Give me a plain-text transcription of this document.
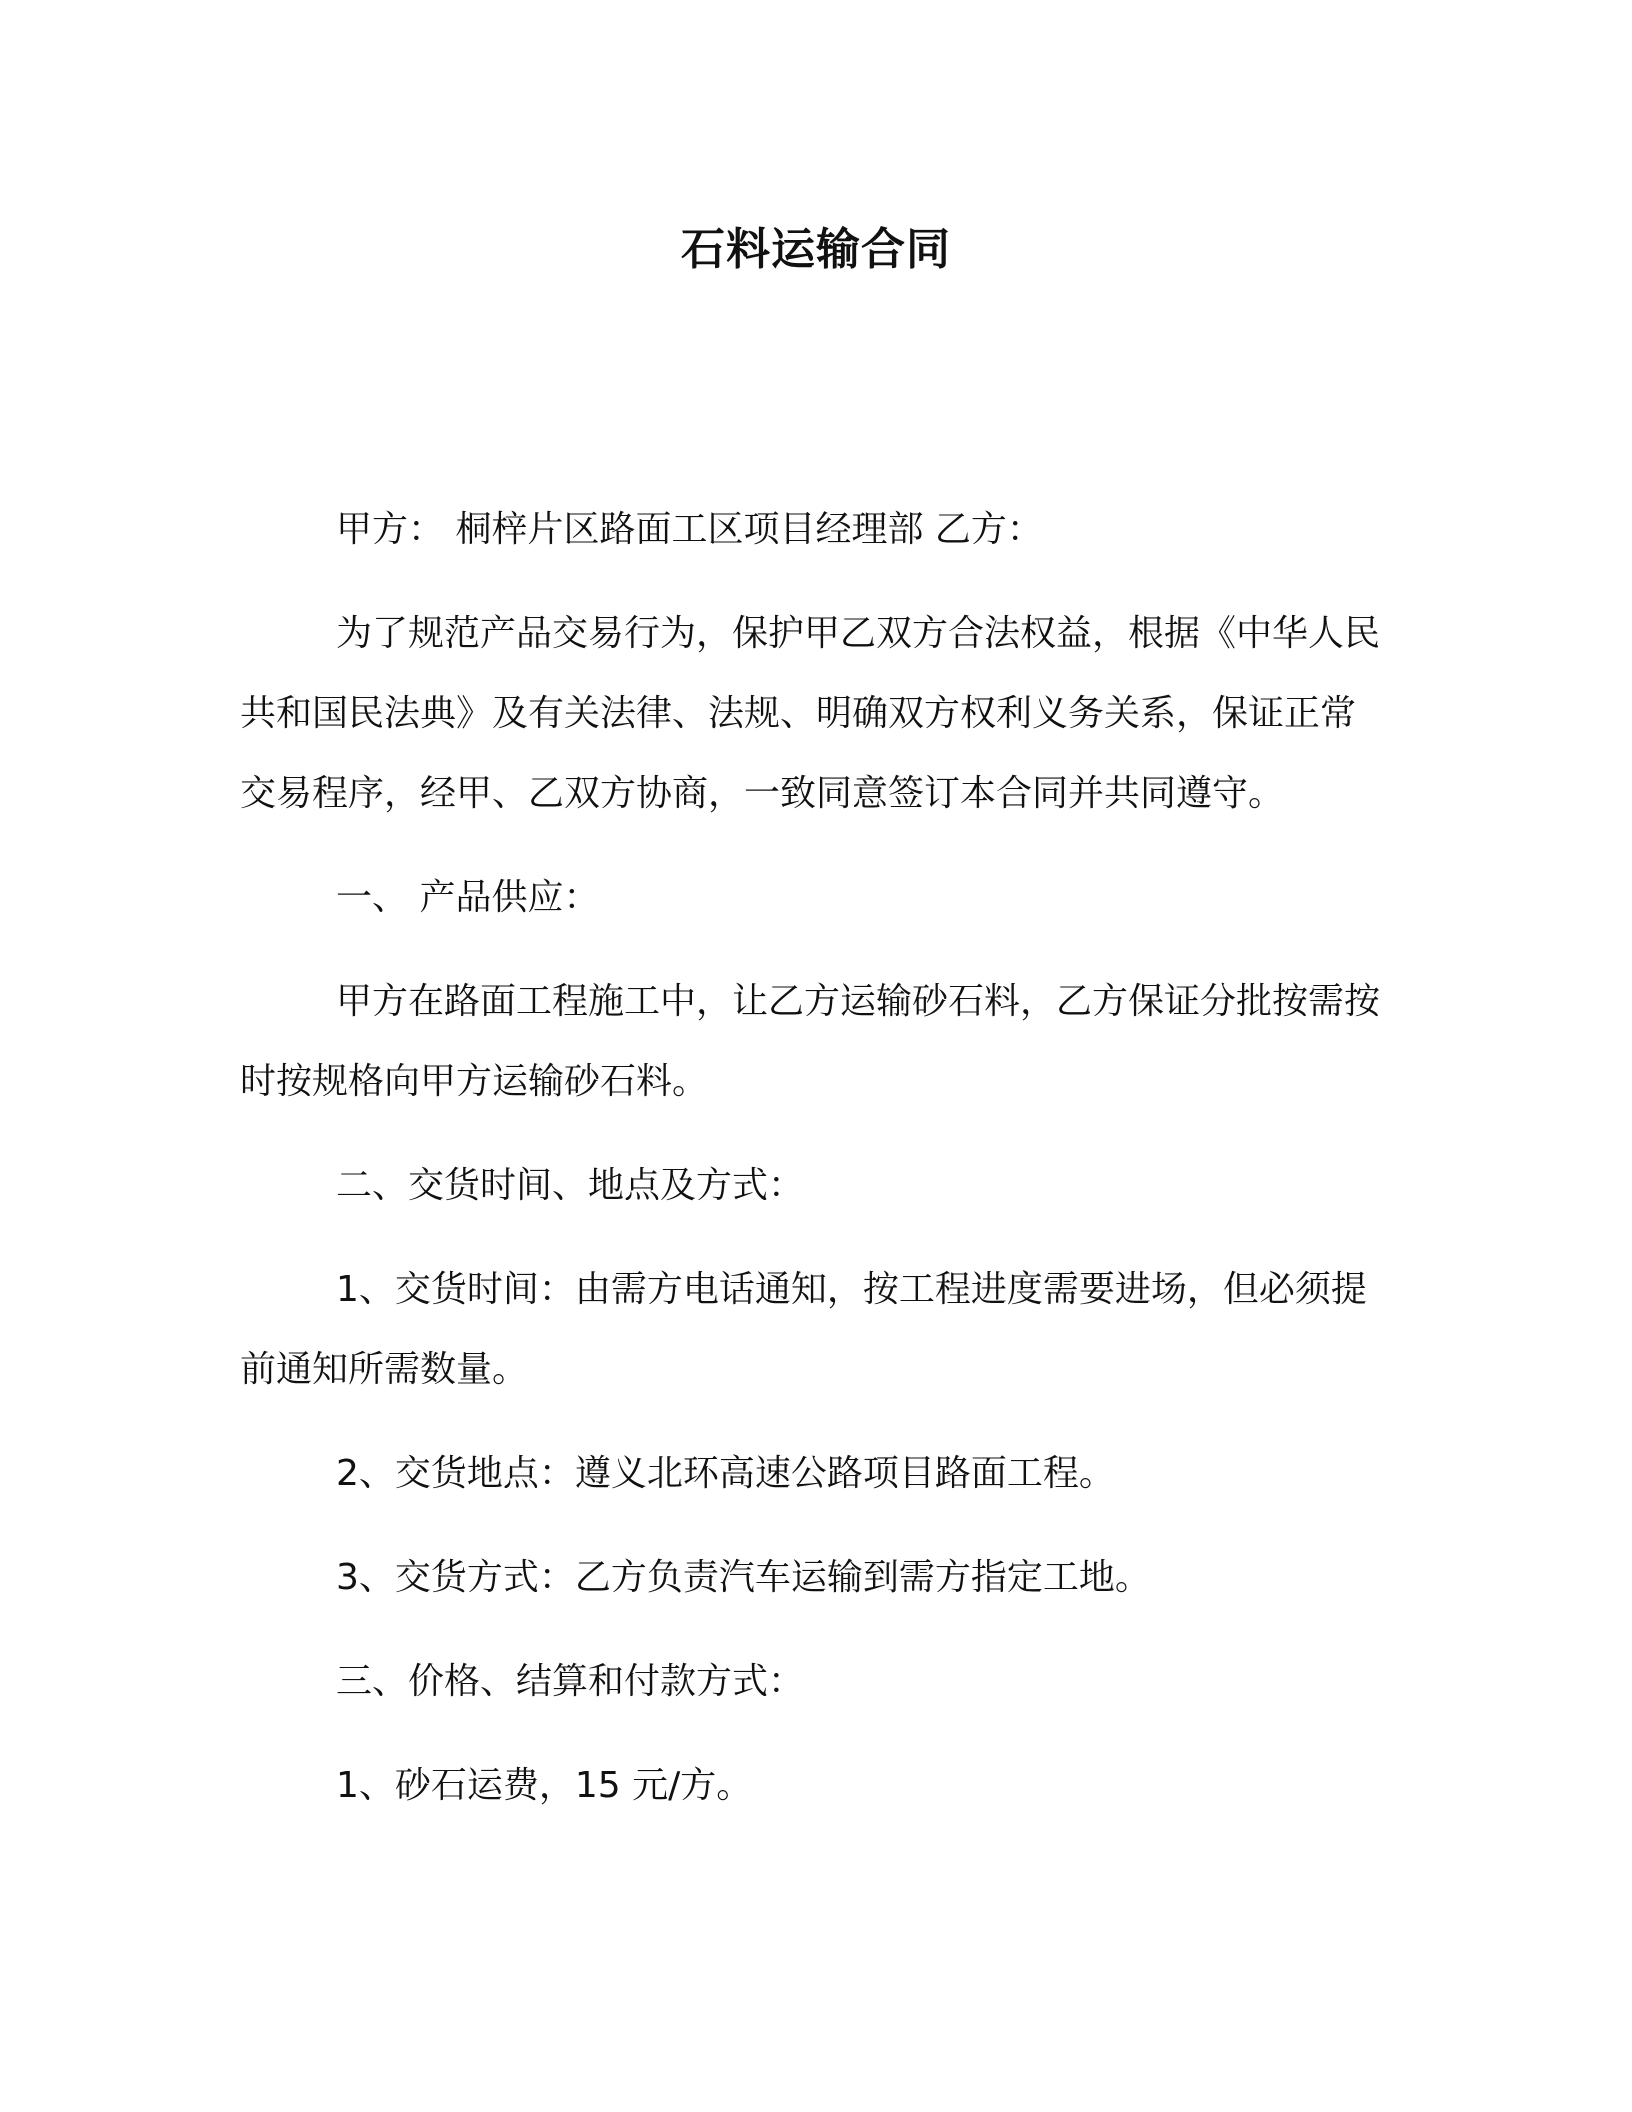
石料运输合同

甲方： 桐梓片区路面工区项目经理部 乙方：

为了规范产品交易行为，保护甲乙双方合法权益，根据《中华人民共和国民法典》及有关法律、法规、明确双方权利义务关系，保证正常交易程序，经甲、乙双方协商，一致同意签订本合同并共同遵守。

一、 产品供应：

甲方在路面工程施工中，让乙方运输砂石料，乙方保证分批按需按时按规格向甲方运输砂石料。

二、交货时间、地点及方式：

1、交货时间：由需方电话通知，按工程进度需要进场，但必须提前通知所需数量。

2、交货地点：遵义北环高速公路项目路面工程。

3、交货方式：乙方负责汽车运输到需方指定工地。

三、价格、结算和付款方式：

1、砂石运费，15 元/方。
